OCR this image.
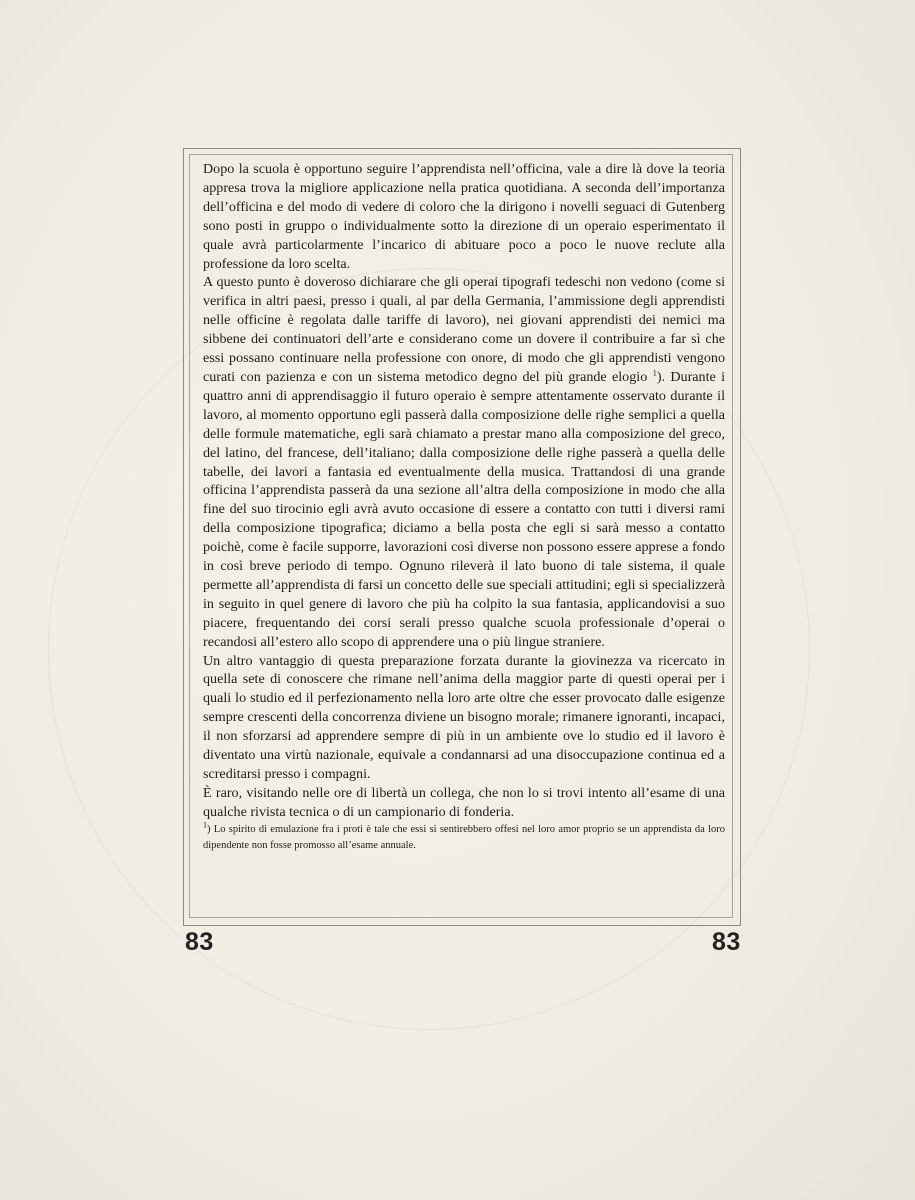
Dopo la scuola è opportuno seguire l’apprendista nell’officina, vale a dire là dove la teoria appresa trova la migliore applicazione nella pratica quotidiana. A seconda dell’importanza dell’officina e del modo di vedere di coloro che la dirigono i novelli seguaci di Gutenberg sono posti in gruppo o individualmente sotto la direzione di un operaio esperimentato il quale avrà particolarmente l’incarico di abituare poco a poco le nuove reclute alla professione da loro scelta.

A questo punto è doveroso dichiarare che gli operai tipografi tedeschi non vedono (come si verifica in altri paesi, presso i quali, al par della Germania, l’ammissione degli apprendisti nelle officine è regolata dalle tariffe di lavoro), nei giovani apprendisti dei nemici ma sibbene dei continuatori dell’arte e considerano come un dovere il contribuire a far sì che essi possano continuare nella professione con onore, di modo che gli apprendisti vengono curati con pazienza e con un sistema metodico degno del più grande elogio $^1$). Durante i quattro anni di apprendisaggio il futuro operaio è sempre attentamente osservato durante il lavoro, al momento opportuno egli passerà dalla composizione delle righe semplici a quella delle formule matematiche, egli sarà chiamato a prestar mano alla composizione del greco, del latino, del francese, dell’italiano; dalla composizione delle righe passerà a quella delle tabelle, dei lavori a fantasia ed eventualmente della musica. Trattandosi di una grande officina l’apprendista passerà da una sezione all’altra della composizione in modo che alla fine del suo tirocinio egli avrà avuto occasione di essere a contatto con tutti i diversi rami della composizione tipografica; diciamo a bella posta che egli si sarà messo a contatto poichè, come è facile supporre, lavorazioni così diverse non possono essere apprese a fondo in così breve periodo di tempo. Ognuno rileverà il lato buono di tale sistema, il quale permette all’apprendista di farsi un concetto delle sue speciali attitudini; egli si specializzerà in seguito in quel genere di lavoro che più ha colpito la sua fantasia, applicandovisi a suo piacere, frequentando dei corsi serali presso qualche scuola professionale d’operai o recandosi all’estero allo scopo di apprendere una o più lingue straniere.

Un altro vantaggio di questa preparazione forzata durante la giovinezza va ricercato in quella sete di conoscere che rimane nell’anima della maggior parte di questi operai per i quali lo studio ed il perfezionamento nella loro arte oltre che esser provocato dalle esigenze sempre crescenti della concorrenza diviene un bisogno morale; rimanere ignoranti, incapaci, il non sforzarsi ad apprendere sempre di più in un ambiente ove lo studio ed il lavoro è diventato una virtù nazionale, equivale a condannarsi ad una disoccupazione continua ed a screditarsi presso i compagni.

È raro, visitando nelle ore di libertà un collega, che non lo si trovi intento all’esame di una qualche rivista tecnica o di un campionario di fonderia.

$^1$) Lo spirito di emulazione fra i proti è tale che essi si sentirebbero offesi nel loro amor proprio se un apprendista da loro dipendente non fosse promosso all’esame annuale.

83	83
